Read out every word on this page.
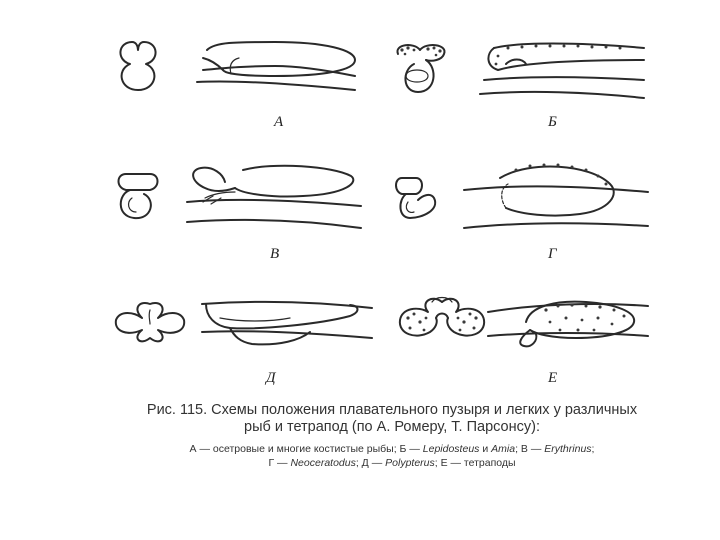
А	Б
В	Г
Д	Е

Рис. 115. Схемы положения плавательного пузыря и легких у различных
рыб и тетрапод (по А. Ромеру, Т. Парсонсу):

А — осетровые и многие костистые рыбы; Б — Lepidosteus и Amia; В — Erythrinus;
Г — Neoceratodus; Д — Polypterus; Е — тетраподы
